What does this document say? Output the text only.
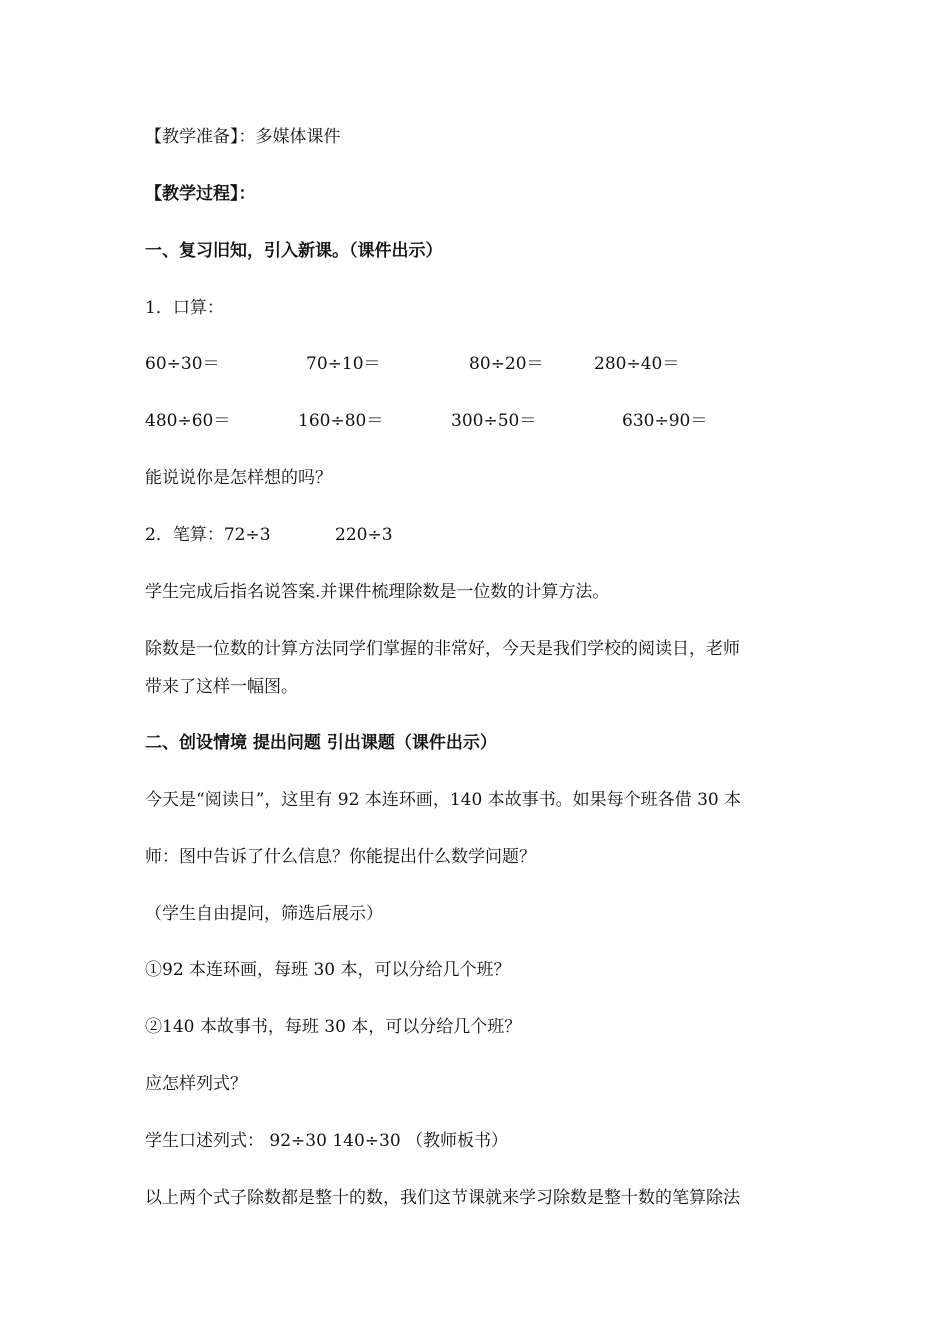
【教学准备】：多媒体课件
【教学过程】：
一、复习旧知，引入新课。（课件出示）
1．口算：
60÷30＝	70÷10＝	80÷20＝	280÷40＝
480÷60＝	160÷80＝	300÷50＝	630÷90＝
能说说你是怎样想的吗？
2．笔算：72÷3	220÷3
学生完成后指名说答案.并课件梳理除数是一位数的计算方法。
除数是一位数的计算方法同学们掌握的非常好，今天是我们学校的阅读日，老师
带来了这样一幅图。
二、创设情境 提出问题 引出课题（课件出示）
今天是“阅读日”，这里有 92 本连环画，140 本故事书。如果每个班各借 30 本
师：图中告诉了什么信息？你能提出什么数学问题？
（学生自由提问，筛选后展示）
①92 本连环画，每班 30 本，可以分给几个班？
②140 本故事书，每班 30 本，可以分给几个班？
应怎样列式？
学生口述列式： 92÷30 140÷30 （教师板书）
以上两个式子除数都是整十的数，我们这节课就来学习除数是整十数的笔算除法
